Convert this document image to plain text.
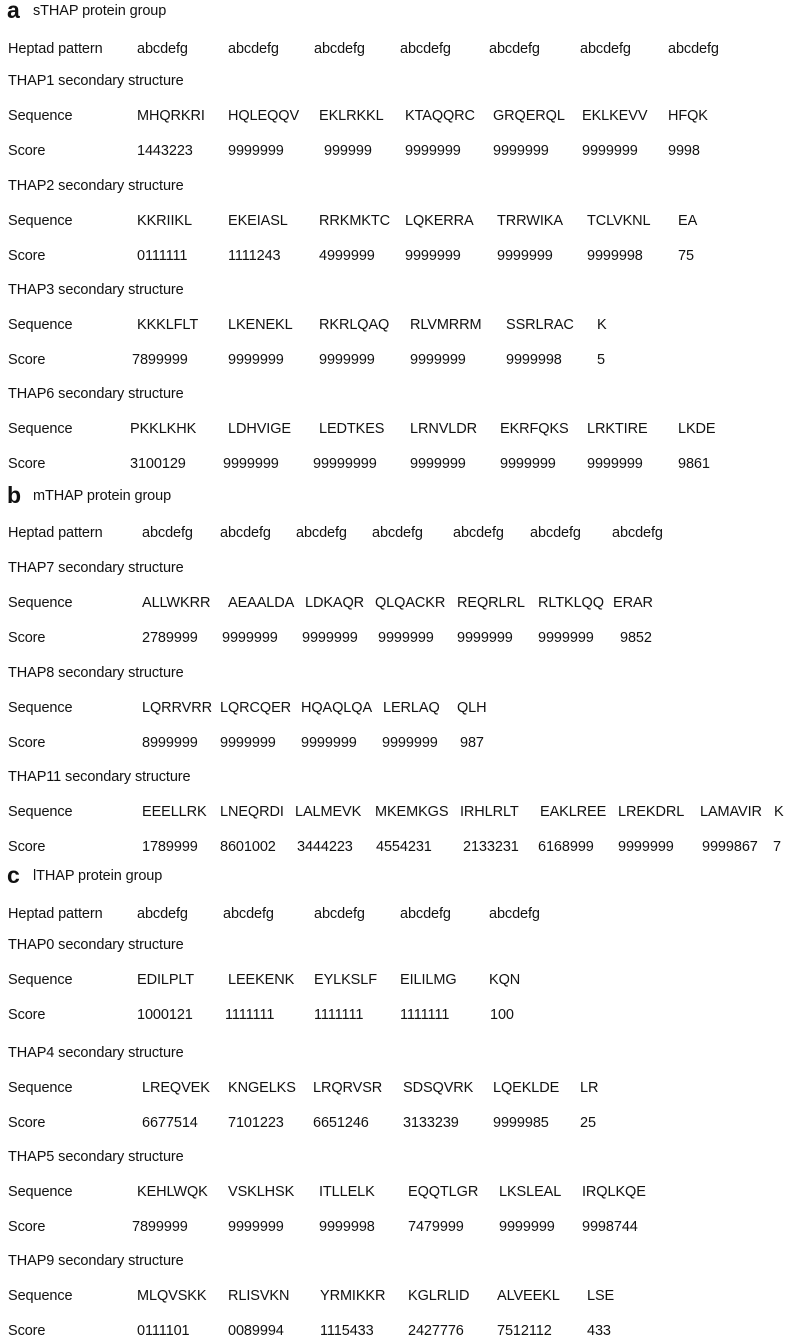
a sTHAP protein group
Heptad pattern abcdefg	abcdefg abcdefg abcdefg	abcdefg	abcdefg	abcdefg
THAP1 secondary structure
Sequence	MHQRKRI HQLEQQV EKLRKKL KTAQQRC GRQERQL EKLKEVV HFQK
Score	1443223 9999999	999999 9999999 9999999 9999999 9998
THAP2 secondary structure
Sequence	KKRIIKL EKEIASL RRKMKTC LQKERRA TRRWIKA TCLVKNL EA
Score	0111111	1111243	4999999 9999999	9999999 9999998 75
THAP3 secondary structure
Sequence	KKKLFLT LKENEKL RKRLQAQ RLVMRRM SSRLRAC K
Score	7899999	9999999 9999999 9999999	9999998 5
THAP6 secondary structure
Sequence	PKKLKHK LDHVIGE LEDTKES LRNVLDR EKRFQKS LRKTIRE LKDE
Score	3100129	9999999 99999999 9999999 9999999 9999999 9861
b mTHAP protein group
Heptad pattern	abcdefg abcdefg abcdefg abcdefg abcdefg abcdefg abcdefg
THAP7 secondary structure
Sequence	ALLWKRR AEAALDA LDKAQR QLQACKR REQRLRL RLTKLQQ ERAR
Score	2789999 9999999 9999999 9999999 9999999 9999999 9852
THAP8 secondary structure
Sequence	LQRRVRR LQRCQER HQAQLQA LERLAQ QLH
Score	8999999 9999999 9999999 9999999 987
THAP11 secondary structure
Sequence	EEELLRK LNEQRDI LALMEVK MKEMKGS IRHLRLT EAKLREE LREKDRL LAMAVIR K
Score	1789999 8601002 3444223 4554231 2133231 6168999 9999999 9999867 7
c lTHAP protein group
Heptad pattern abcdefg abcdefg	abcdefg abcdefg	abcdefg
THAP0 secondary structure
Sequence	EDILPLT LEEKENK EYLKSLF EILILMG KQN
Score	1000121 1111111	1111111	1111111	100
THAP4 secondary structure
Sequence	LREQVEK KNGELKS LRQRVSR SDSQVRK LQEKLDE LR
Score	6677514 7101223 6651246 3133239 9999985 25
THAP5 secondary structure
Sequence	KEHLWQK VSKLHSK ITLLELK EQQTLGR LKSLEAL IRQLKQE
Score	7899999	9999999 9999998 7479999 9999999 9998744
THAP9 secondary structure
Sequence	MLQVSKK RLISVKN YRMIKKR KGLRLID ALVEEKL LSE
Score	0111101	0089994	1115433 2427776 7512112 433
